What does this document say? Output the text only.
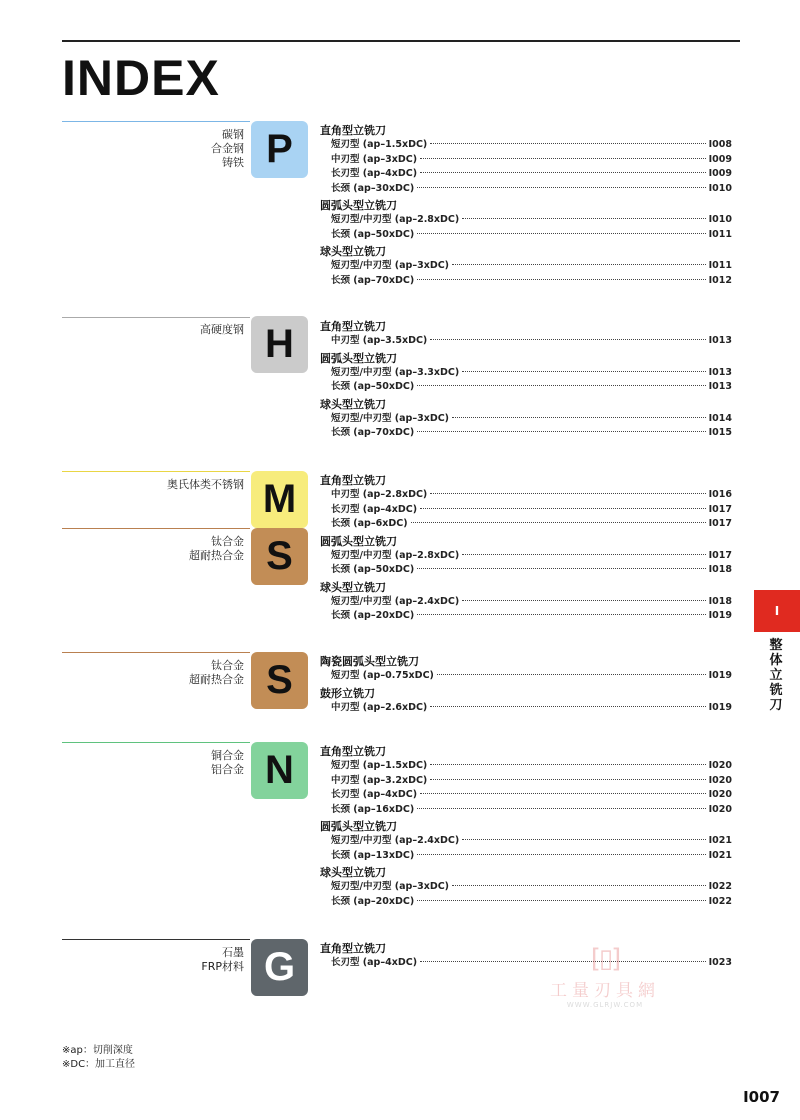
INDEX
碳钢
合金钢
铸铁 P	直角型立铣刀
短刃型 (ap–1.5xDC)	I008
中刃型 (ap–3xDC)	I009
长刃型 (ap–4xDC)	I009
长颈 (ap–30xDC)	I010
圆弧头型立铣刀
短刃型/中刃型 (ap–2.8xDC)	I010
长颈 (ap–50xDC)	I011
球头型立铣刀
短刃型/中刃型 (ap–3xDC)	I011
长颈 (ap–70xDC)	I012
高硬度钢 H	直角型立铣刀
中刃型 (ap–3.5xDC)	I013
圆弧头型立铣刀
短刃型/中刃型 (ap–3.3xDC)	I013
长颈 (ap–50xDC)	I013
球头型立铣刀
短刃型/中刃型 (ap–3xDC)	I014
长颈 (ap–70xDC)	I015
奥氏体类不锈钢 M
钛合金
超耐热合金 S
直角型立铣刀
中刃型 (ap–2.8xDC)	I016
长刃型 (ap–4xDC)	I017
长颈 (ap–6xDC)	I017
圆弧头型立铣刀
短刃型/中刃型 (ap–2.8xDC)	I017
长颈 (ap–50xDC)	I018
球头型立铣刀
短刃型/中刃型 (ap–2.4xDC)	I018
长颈 (ap–20xDC)	I019
钛合金
超耐热合金 S	陶瓷圆弧头型立铣刀
短刃型 (ap–0.75xDC)	I019
鼓形立铣刀
中刃型 (ap–2.6xDC)	I019
铜合金
铝合金 N	直角型立铣刀
短刃型 (ap–1.5xDC)	I020
中刃型 (ap–3.2xDC)	I020
长刃型 (ap–4xDC)	I020
长颈 (ap–16xDC)	I020
圆弧头型立铣刀
短刃型/中刃型 (ap–2.4xDC)	I021
长颈 (ap–13xDC)	I021
球头型立铣刀
短刃型/中刃型 (ap–3xDC)	I022
长颈 (ap–20xDC)	I022
石墨
FRP材料 G	直角型立铣刀
长刃型 (ap–4xDC)	I023
I
整
体
立
铣
刀
[▯]
工量刃具網
WWW.GLRJW.COM
※ap：切削深度
※DC：加工直径
I007
